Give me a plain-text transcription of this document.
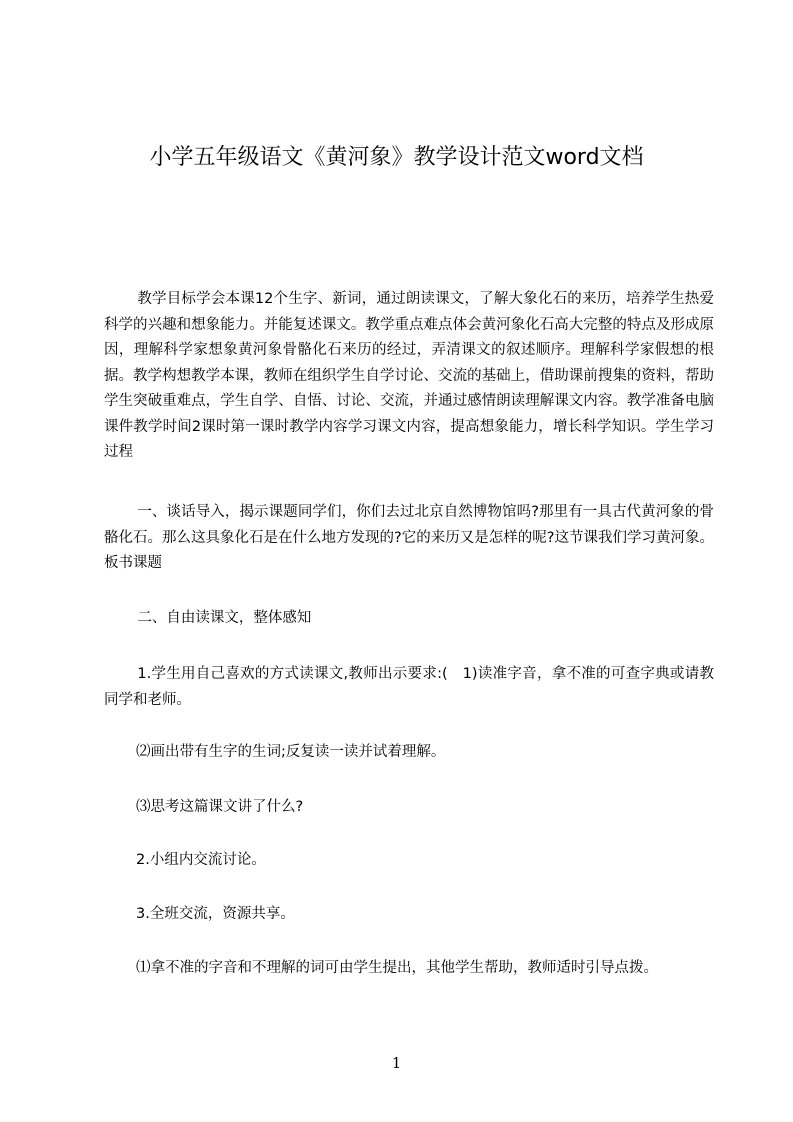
小学五年级语文《黄河象》教学设计范文word文档

教学目标学会本课12个生字、新词，通过朗读课文，了解大象化石的来历，培养学生热爱科学的兴趣和想象能力。并能复述课文。教学重点难点体会黄河象化石高大完整的特点及形成原因，理解科学家想象黄河象骨骼化石来历的经过，弄清课文的叙述顺序。理解科学家假想的根据。教学构想教学本课，教师在组织学生自学讨论、交流的基础上，借助课前搜集的资料，帮助学生突破重难点，学生自学、自悟、讨论、交流，并通过感情朗读理解课文内容。教学准备电脑课件教学时间2课时第一课时教学内容学习课文内容，提高想象能力，增长科学知识。学生学习过程

一、谈话导入，揭示课题同学们，你们去过北京自然博物馆吗?那里有一具古代黄河象的骨骼化石。那么这具象化石是在什么地方发现的?它的来历又是怎样的呢?这节课我们学习黄河象。板书课题

二、自由读课文，整体感知

1.学生用自己喜欢的方式读课文,教师出示要求:(　1)读准字音，拿不准的可查字典或请教同学和老师。

⑵画出带有生字的生词;反复读一读并试着理解。

⑶思考这篇课文讲了什么?

2.小组内交流讨论。

3.全班交流，资源共享。

⑴拿不准的字音和不理解的词可由学生提出，其他学生帮助，教师适时引导点拨。

1
